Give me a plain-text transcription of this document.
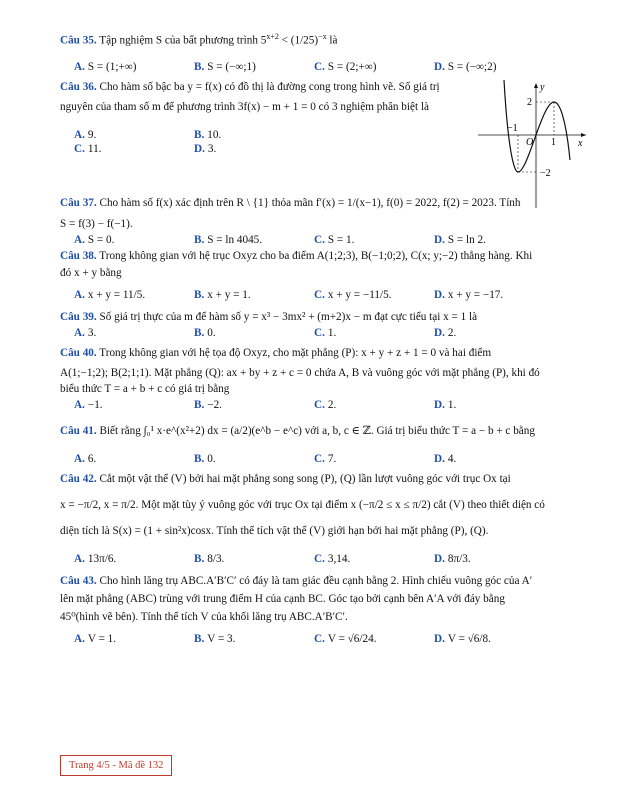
Câu 35. Tập nghiệm S của bất phương trình $5^{x+2} < (1/25)^{-x}$ là
A. S = (1;+∞)	B. S = (−∞;1)	C. S = (2;+∞)	D. S = (−∞;2)
Câu 36. Cho hàm số bậc ba y = f(x) có đồ thị là đường cong trong hình vẽ. Số giá trị
nguyên của tham số m để phương trình 3f(x) − m + 1 = 0 có 3 nghiệm phân biệt là
A. 9.	B. 10.
C. 11.	D. 3.
Câu 37. Cho hàm số f(x) xác định trên R \ {1} thỏa mãn f′(x) = 1/(x−1), f(0) = 2022, f(2) = 2023. Tính
S = f(3) − f(−1).
A. S = 0.	B. S = ln 4045.	C. S = 1.	D. S = ln 2.
Câu 38. Trong không gian với hệ trục Oxyz cho ba điểm A(1;2;3), B(−1;0;2), C(x; y;−2) thẳng hàng. Khi
đó x + y bằng
A. x + y = 11/5.	B. x + y = 1.	C. x + y = −11/5.	D. x + y = −17.
Câu 39. Số giá trị thực của m để hàm số y = x³ − 3mx² + (m+2)x − m đạt cực tiểu tại x = 1 là
A. 3.	B. 0.	C. 1.	D. 2.
Câu 40. Trong không gian với hệ tọa độ Oxyz, cho mặt phẳng (P): x + y + z + 1 = 0 và hai điểm
A(1;−1;2); B(2;1;1). Mặt phẳng (Q): ax + by + z + c = 0 chứa A, B và vuông góc với mặt phẳng (P), khi đó
biểu thức T = a + b + c có giá trị bằng
A. −1.	B. −2.	C. 2.	D. 1.
Câu 41. Biết rằng ∫₀¹ x·e^(x²+2) dx = (a/2)(e^b − e^c) với a, b, c ∈ ℤ. Giá trị biểu thức T = a − b + c bằng
A. 6.	B. 0.	C. 7.	D. 4.
Câu 42. Cắt một vật thể (V) bởi hai mặt phẳng song song (P), (Q) lần lượt vuông góc với trục Ox tại
x = −π/2, x = π/2. Một mặt tùy ý vuông góc với trục Ox tại điểm x (−π/2 ≤ x ≤ π/2) cắt (V) theo thiết diện có
diện tích là S(x) = (1 + sin²x)cosx. Tính thể tích vật thể (V) giới hạn bởi hai mặt phẳng (P), (Q).
A. 13π/6.	B. 8/3.	C. 3,14.	D. 8π/3.
Câu 43. Cho hình lăng trụ ABC.A′B′C′ có đáy là tam giác đều cạnh bằng 2. Hình chiếu vuông góc của A′
lên mặt phẳng (ABC) trùng với trung điểm H của cạnh BC. Góc tạo bởi cạnh bên A′A với đáy bằng
45⁰(hình vẽ bên). Tính thể tích V của khối lăng trụ ABC.A′B′C′.
A. V = 1.	B. V = 3.	C. V = √6/24.	D. V = √6/8.
y
x
O
2
−1
1
−2
Trang 4/5 - Mã đề 132
